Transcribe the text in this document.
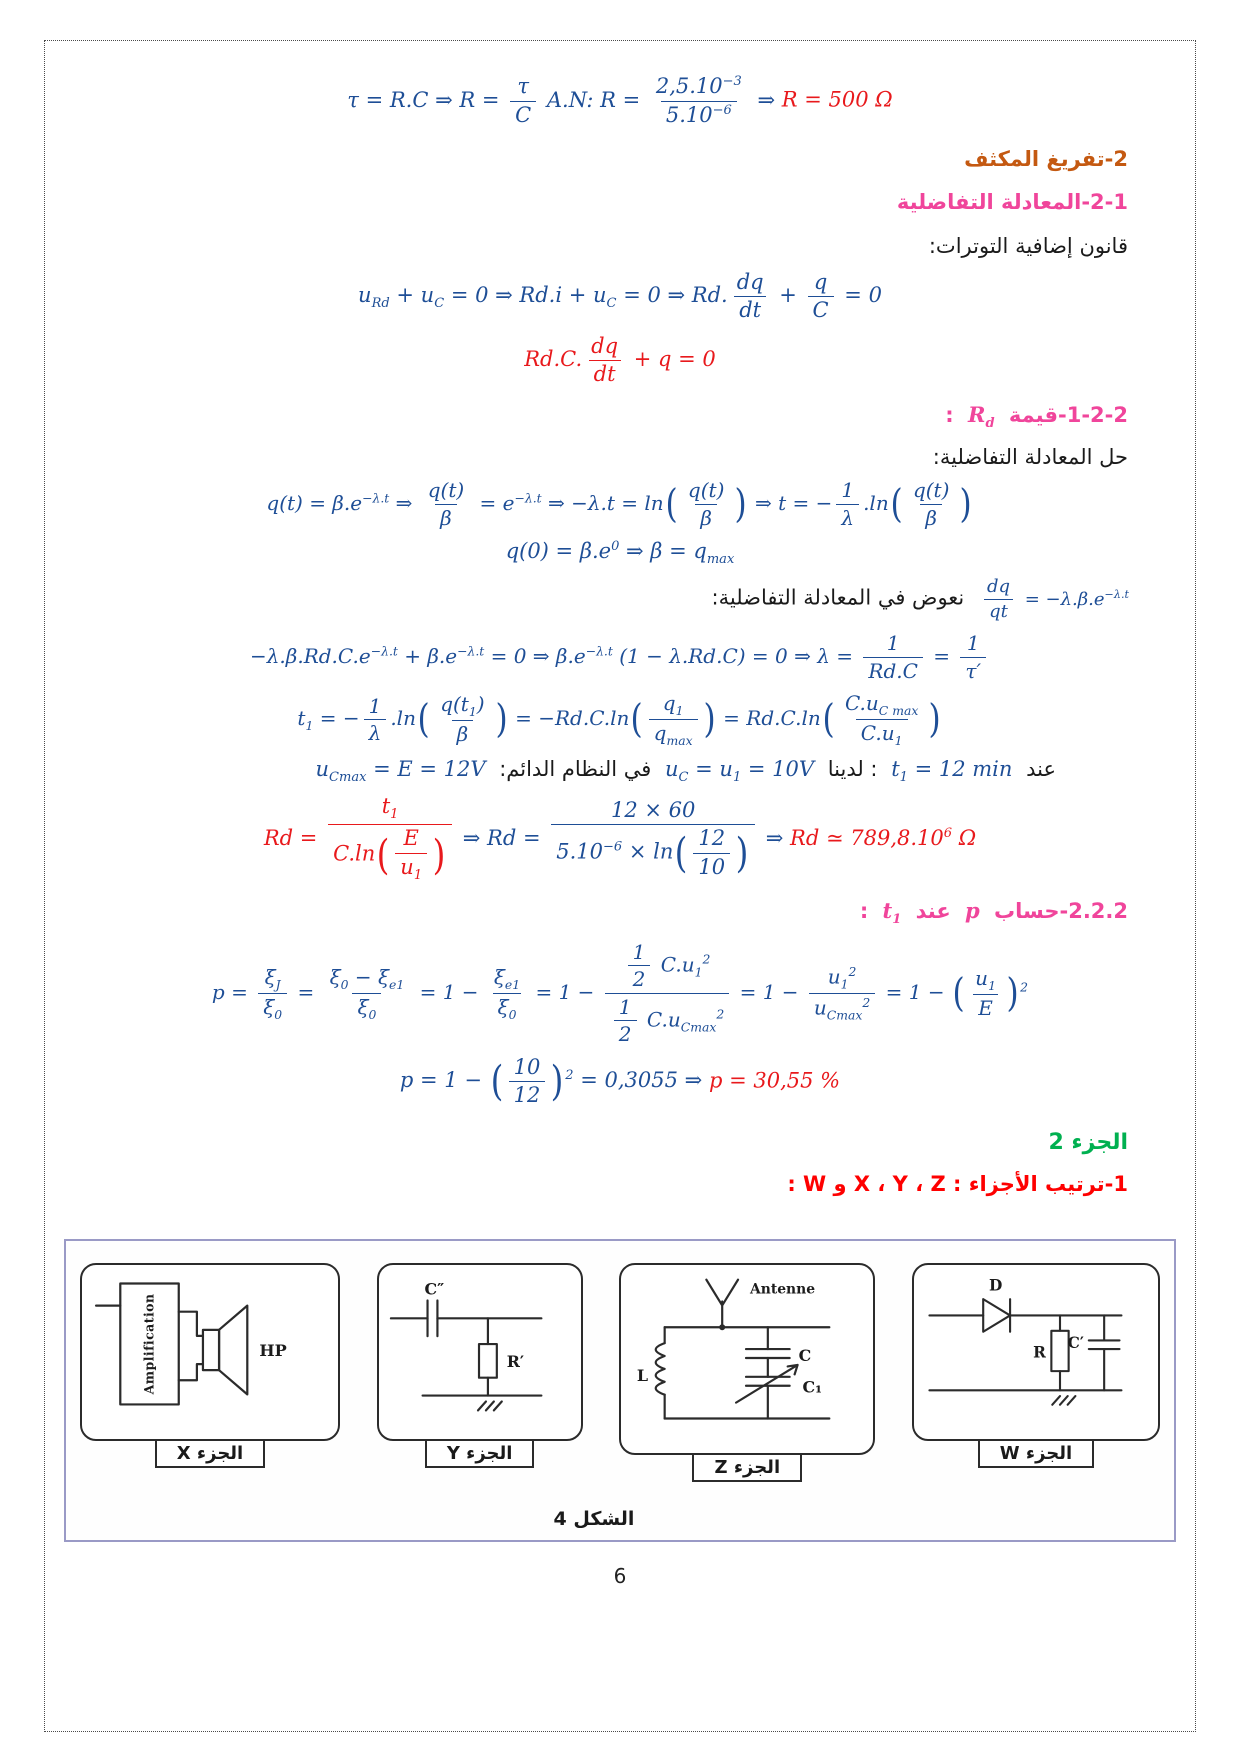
τ = R.C ⇒ $R = \frac{\tau}{C} A.N$: $R = \frac{2,5.10^{-3}}{5.10^{-6}}$ ⇒ R = 500 Ω
2-تفريغ المكثف
2-1-المعادلة التفاضلية
قانون إضافية التوترات:
$u_{Rd} + u_C = 0$ ⇒ $Rd.i + u_C = 0$ ⇒ Rd. $\frac{dq}{dt} + \frac{q}{C} = 0$
Rd.C. $\frac{dq}{dt} + q = 0$
1-2-2-قيمة $R_d$ :
حل المعادلة التفاضلية:
$q(t) = \beta.e^{-\lambda.t}$ ⇒ $\frac{q(t)}{\beta} = e^{-\lambda.t}$ ⇒ −λ.t = ln ( $\frac{q(t)}{\beta}$ ) ⇒ t = − $\frac{1}{\lambda} .\ln$ ( $\frac{q(t)}{\beta}$ )
$q(0) = \beta.e^0$ ⇒ $\beta = q_{max}$
$\frac{dq}{qt} = -\lambda.\beta.e^{-\lambda.t}$ نعوض في المعادلة التفاضلية:
$-\lambda.\beta.Rd.C.e^{-\lambda.t} + \beta.e^{-\lambda.t} = 0$ ⇒ $\beta.e^{-\lambda.t}$ (1 − λ.Rd.C) = 0 ⇒ $\lambda = \frac{1}{Rd.C} = \frac{1}{\tau'}$
$t_1$ = − $\frac{1}{\lambda} .\ln$ ( $\frac{q(t_1)}{\beta}$ ) = −Rd.C.ln ( $\frac{q_1}{q_{max}}$ ) = Rd.C.ln ( $\frac{C.u_{C max}}{C.u_1}$ )
عند $t_1 = 12$ min : لدينا $u_C = u_1 = 10V$ في النظام الدائم: $u_{Cmax} = E = 12V$
$Rd = \frac{t_1}{C.\ln ( \frac{E}{u_1} )}$ ⇒ $Rd = \frac{12 \times 60}{5.10^{-6} \times \ln ( \frac{12}{10} )}$ ⇒ Rd ≃ 789,8.10$^6$ Ω
2.2.2-حساب p عند $t_1$ :
$p = \frac{\xi_J}{\xi_0} = \frac{\xi_0 - \xi_{e1}}{\xi_0} = 1 - \frac{\xi_{e1}}{\xi_0} = 1 - \frac{\frac{1}{2} C.u_1^2}{\frac{1}{2} C.u_{Cmax}^2} = 1 - \frac{u_1^2}{u_{Cmax}^2} = 1$ − ( $\frac{u_1}{E}$ ) $^2$
p = 1 − ( $\frac{10}{12}$ ) $^2$ = 0,3055 ⇒ p = 30,55 %
الجزء 2
1-ترتيب الأجزاء : X ، Y ، Z و W :
Amplification	HP
الجزء X
C″
R′
الجزء Y
Antenne
L
C
C₁
الجزء Z
D
R
C′
الجزء W
الشكل 4
6
